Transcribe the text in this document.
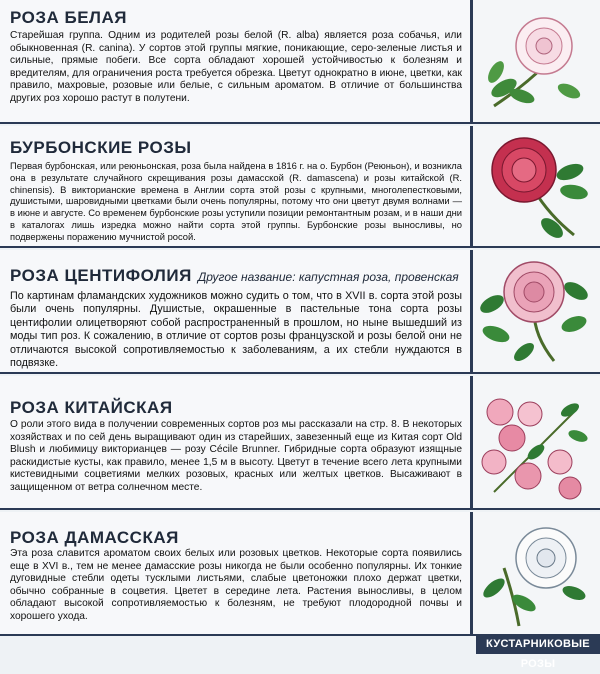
РОЗА БЕЛАЯ

Старейшая группа. Одним из родителей розы белой (R. alba) является роза собачья, или обыкновенная (R. canina). У сортов этой группы мягкие, поникающие, серо-зеленые листья и сильные, прямые побеги. Все сорта обладают хорошей устойчивостью к болезням и вредителям, для ограничения роста требуется обрезка. Цветут однократно в июне, цветки, как правило, махровые, розовые или белые, с сильным ароматом. В отличие от большинства других роз хорошо растут в полутени.

БУРБОНСКИЕ РОЗЫ

Первая бурбонская, или реюньонская, роза была найдена в 1816 г. на о. Бурбон (Реюньон), и возникла она в результате случайного скрещивания розы дамасской (R. damascena) и розы китайской (R. chinensis). В викторианские времена в Англии сорта этой розы с крупными, многолепестковыми, душистыми, шаровидными цветками были очень популярны, потому что они цветут двумя волнами — в июне и августе. Со временем бурбонские розы уступили позиции ремонтантным розам, и в наши дни в каталогах лишь изредка можно найти сорта этой группы. Бурбонские розы выносливы, но подвержены поражению мучнистой росой.

РОЗА ЦЕНТИФОЛИЯ Другое название: капустная роза, провенская

По картинам фламандских художников можно судить о том, что в XVII в. сорта этой розы были очень популярны. Душистые, окрашенные в пастельные тона сорта розы центифолии олицетворяют собой распространенный в прошлом, но ныне вышедший из моды тип роз. К сожалению, в отличие от сортов розы французской и розы белой они не отличаются высокой сопротивляемостью к заболеваниям, а их стебли нуждаются в подвязке.

РОЗА КИТАЙСКАЯ

О роли этого вида в получении современных сортов роз мы рассказали на стр. 8. В некоторых хозяйствах и по сей день выращивают один из старейших, завезенный еще из Китая сорт Old Blush и любимицу викторианцев — розу Cécile Brunner. Гибридные сорта образуют изящные раскидистые кусты, как правило, менее 1,5 м в высоту. Цветут в течение всего лета крупными кистевидными соцветиями мелких розовых, красных или желтых цветков. Высаживают в защищенном от ветра солнечном месте.

РОЗА ДАМАССКАЯ

Эта роза славится ароматом своих белых или розовых цветков. Некоторые сорта появились еще в XVI в., тем не менее дамасские розы никогда не были особенно популярны. Их тонкие дуговидные стебли одеты тусклыми листьями, слабые цветоножки плохо держат цветки, обычно собранные в соцветия. Цветет в середине лета. Растения выносливы, в целом обладают высокой сопротивляемостью к болезням, не требуют плодородной почвы и хорошего ухода.

КУСТАРНИКОВЫЕ РОЗЫ
